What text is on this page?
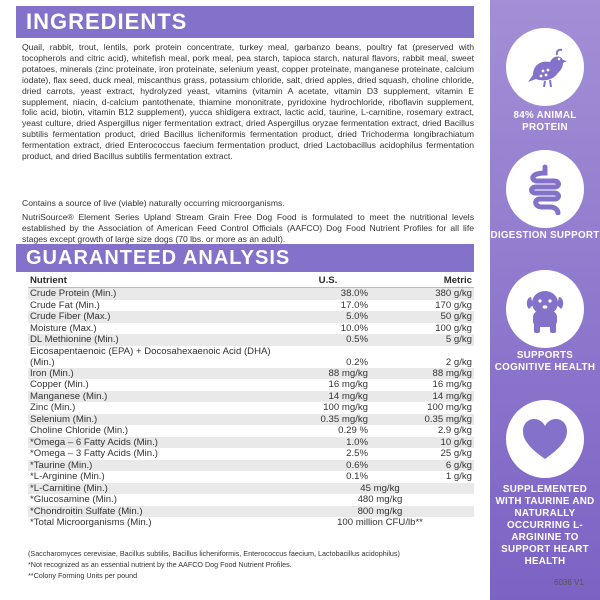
INGREDIENTS
Quail, rabbit, trout, lentils, pork protein concentrate, turkey meal, garbanzo beans, poultry fat (preserved with tocopherols and citric acid), whitefish meal, pork meal, pea starch, tapioca starch, natural flavors, rabbit meal, sweet potatoes, minerals (zinc proteinate, iron proteinate, selenium yeast, copper proteinate, manganese proteinate, calcium iodate), flax seed, duck meal, miscanthus grass, potassium chloride, salt, dried apples, dried squash, choline chloride, dried carrots, yeast extract, hydrolyzed yeast, vitamins (vitamin A acetate, vitamin D3 supplement, vitamin E supplement, niacin, d-calcium pantothenate, thiamine mononitrate, pyridoxine hydrochloride, riboflavin supplement, folic acid, biotin, vitamin B12 supplement), yucca shidigera extract, lactic acid, taurine, L-carnitine, rosemary extract, yeast culture, dried Aspergillus niger fermentation extract, dried Aspergillus oryzae fermentation extract, dried Bacillus subtilis fermentation product, dried Bacillus licheniformis fermentation product, dried Trichoderma longibrachiatum fermentation extract, dried Enterococcus faecium fermentation product, dried Lactobacillus acidophilus fermentation product, and dried Bacillus subtilis fermentation extract.
Contains a source of live (viable) naturally occurring microorganisms.
NutriSource® Element Series Upland Stream Grain Free Dog Food is formulated to meet the nutritional levels established by the Association of American Feed Control Officials (AAFCO) Dog Food Nutrient Profiles for all life stages except growth of large size dogs (70 lbs. or more as an adult).
GUARANTEED ANALYSIS
Nutrient	U.S.	Metric
Crude Protein (Min.)	38.0%	380 g/kg
Crude Fat (Min.)	17.0%	170 g/kg
Crude Fiber (Max.)	5.0%	50 g/kg
Moisture (Max.)	10.0%	100 g/kg
DL Methionine (Min.)	0.5%	5 g/kg
Eicosapentaenoic (EPA) + Docosahexaenoic Acid (DHA) (Min.)	0.2%	2 g/kg
Iron (Min.)	88 mg/kg	88 mg/kg
Copper (Min.)	16 mg/kg	16 mg/kg
Manganese (Min.)	14 mg/kg	14 mg/kg
Zinc (Min.)	100 mg/kg	100 mg/kg
Selenium (Min.)	0.35 mg/kg	0.35 mg/kg
Choline Chloride (Min.)	0.29 %	2.9 g/kg
*Omega – 6 Fatty Acids (Min.)	1.0%	10 g/kg
*Omega – 3 Fatty Acids (Min.)	2.5%	25 g/kg
*Taurine (Min.)	0.6%	6 g/kg
*L-Arginine (Min.)	0.1%	1 g/kg
*L-Carnitine (Min.)	45 mg/kg	
*Glucosamine (Min.)	480 mg/kg	
*Chondroitin Sulfate (Min.)	800 mg/kg	
*Total Microorganisms (Min.)	100 million CFU/lb**	
(Saccharomyces cerevisiae, Bacillus subtilis, Bacillus licheniformis, Enterococcus faecium, Lactobacillus acidophilus)
*Not recognized as an essential nutrient by the AAFCO Dog Food Nutrient Profiles.
**Colony Forming Units per pound
84% ANIMAL PROTEIN
DIGESTION SUPPORT
SUPPORTS COGNITIVE HEALTH
SUPPLEMENTED WITH TAURINE AND NATURALLY OCCURRING L-ARGININE TO SUPPORT HEART HEALTH
6036 V1
